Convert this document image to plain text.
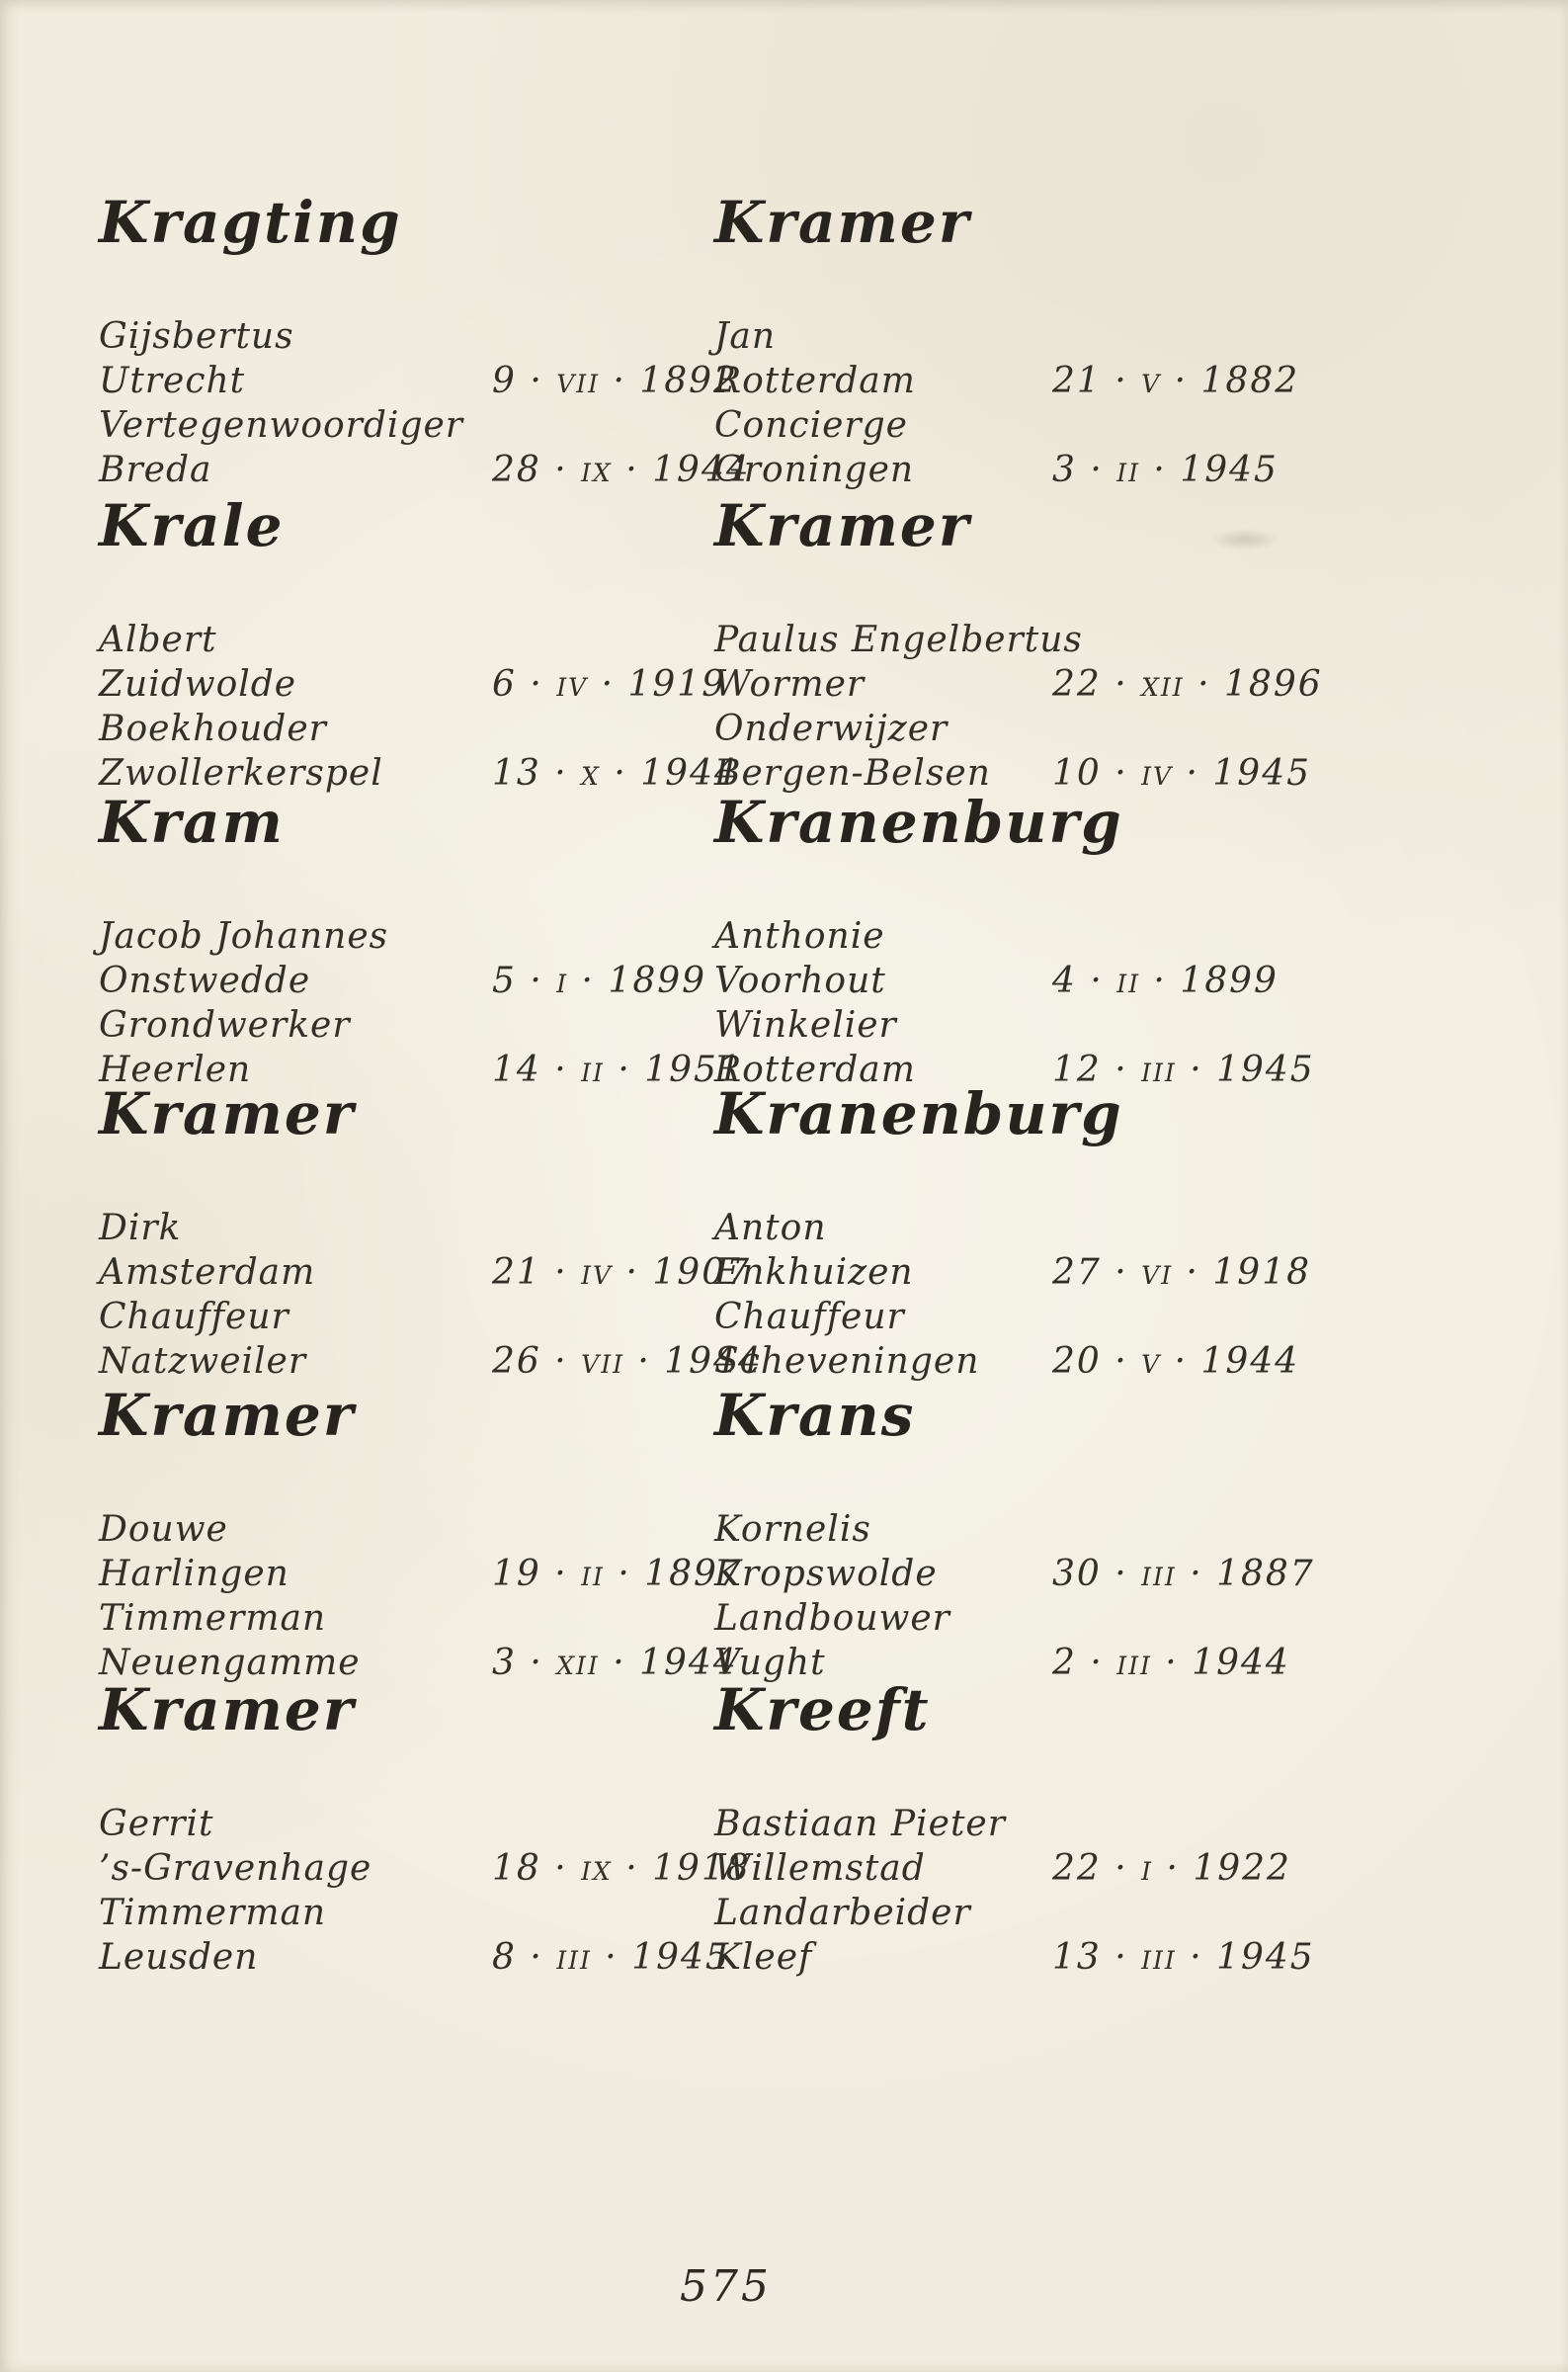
Kragting
Gijsbertus
Utrecht	9 · vii · 1892
Vertegenwoordiger
Breda	28 · ix · 1944
Krale
Albert
Zuidwolde	6 · iv · 1919
Boekhouder
Zwollerkerspel	13 · x · 1944
Kram
Jacob Johannes
Onstwedde	5 · i · 1899
Grondwerker
Heerlen	14 · ii · 1951
Kramer
Dirk
Amsterdam	21 · iv · 1907
Chauffeur
Natzweiler	26 · vii · 1944
Kramer
Douwe
Harlingen	19 · ii · 1897
Timmerman
Neuengamme	3 · xii · 1944
Kramer
Gerrit
’s-Gravenhage	18 · ix · 1918
Timmerman
Leusden	8 · iii · 1945
Kramer
Jan
Rotterdam	21 · v · 1882
Concierge
Groningen	3 · ii · 1945
Kramer
Paulus Engelbertus
Wormer	22 · xii · 1896
Onderwijzer
Bergen-Belsen 10 · iv · 1945
Kranenburg
Anthonie
Voorhout	4 · ii · 1899
Winkelier
Rotterdam	12 · iii · 1945
Kranenburg
Anton
Enkhuizen	27 · vi · 1918
Chauffeur
Scheveningen 20 · v · 1944
Krans
Kornelis
Kropswolde	30 · iii · 1887
Landbouwer
Vught	2 · iii · 1944
Kreeft
Bastiaan Pieter
Willemstad	22 · i · 1922
Landarbeider
Kleef	13 · iii · 1945
575
